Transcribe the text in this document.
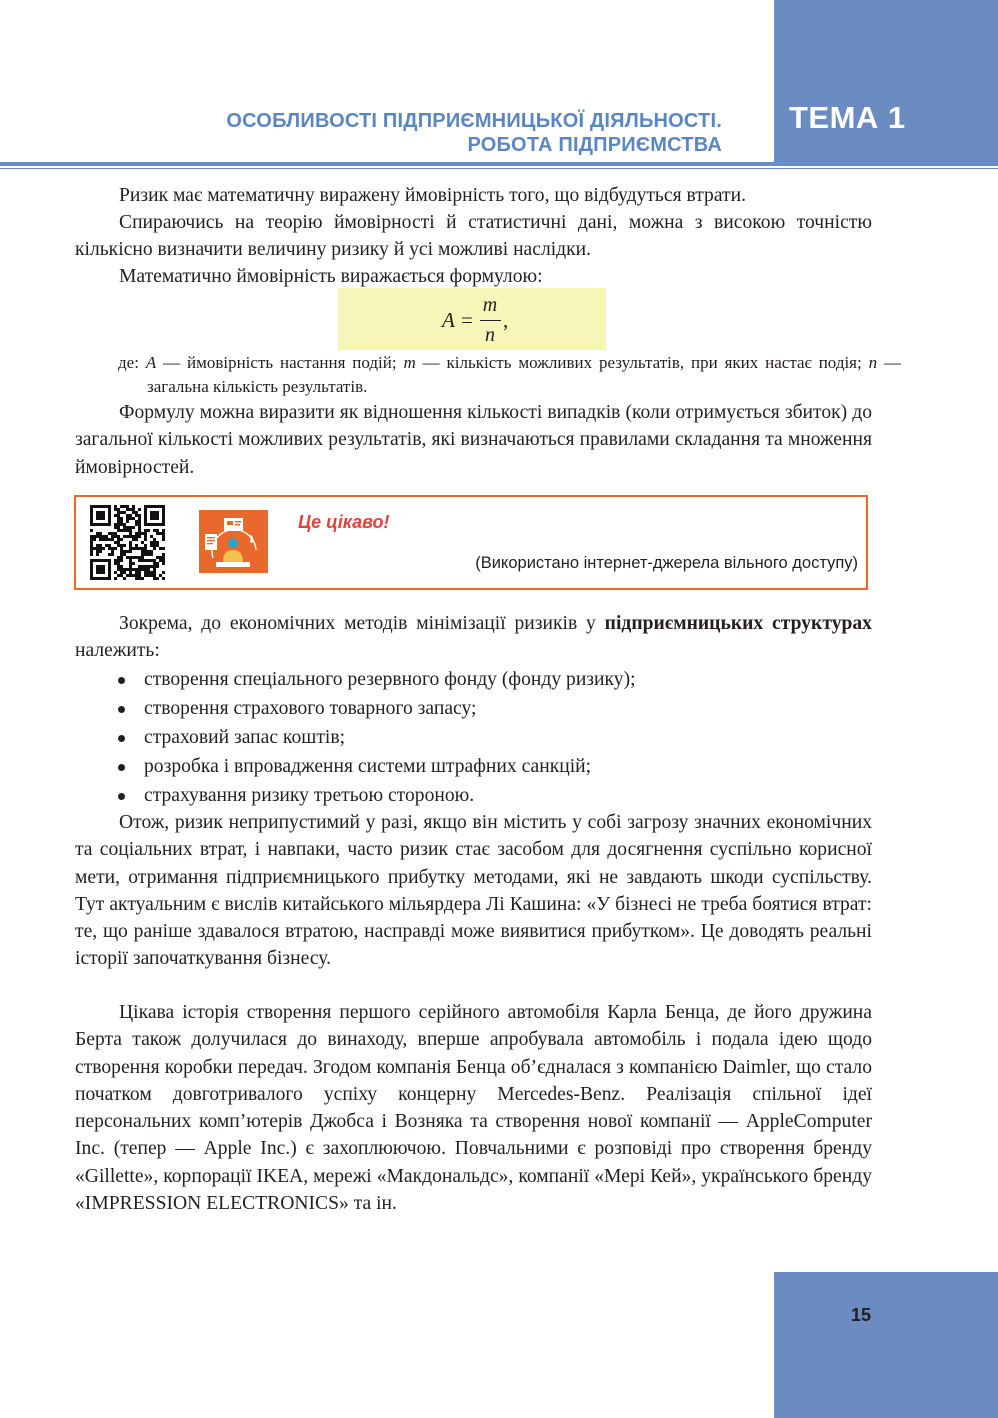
ТЕМА 1
ОСОБЛИВОСТІ ПІДПРИЄМНИЦЬКОЇ ДІЯЛЬНОСТІ.
РОБОТА ПІДПРИЄМСТВА

Ризик має математичну виражену ймовірність того, що відбудуться втрати.

Спираючись на теорію ймовірності й статистичні дані, можна з високою точністю кількісно визначити величину ризику й усі можливі наслідки.

Математично ймовірність виражається формулою:

A =
m
n
,

де: A — ймовірність настання подій; m — кількість можливих результатів, при яких настає подія; n — загальна кількість результатів.

Формулу можна виразити як відношення кількості випадків (коли отримується збиток) до загальної кількості можливих результатів, які визначаються правилами складання та множення ймовірностей.

Це цікаво!
(Використано інтернет-джерела вільного доступу)

Зокрема, до економічних методів мінімізації ризиків у підприємницьких структурах належить:

створення спеціального резервного фонду (фонду ризику);
створення страхового товарного запасу;
страховий запас коштів;
розробка і впровадження системи штрафних санкцій;
страхування ризику третьою стороною.

Отож, ризик неприпустимий у разі, якщо він містить у собі загрозу значних економічних та соціальних втрат, і навпаки, часто ризик стає засобом для досягнення суспільно корисної мети, отримання підприємницького прибутку методами, які не завдають шкоди суспільству. Тут актуальним є вислів китайського мільярдера Лі Кашина: «У бізнесі не треба боятися втрат: те, що раніше здавалося втратою, насправді може виявитися прибутком». Це доводять реальні історії започаткування бізнесу.

Цікава історія створення першого серійного автомобіля Карла Бенца, де його дружина Берта також долучилася до винаходу, вперше апробувала автомобіль і подала ідею щодо створення коробки передач. Згодом компанія Бенца об’єдналася з компанією Daimler, що стало початком довготривалого успіху концерну Mercedes-Benz. Реалізація спільної ідеї персональних комп’ютерів Джобса і Возняка та створення нової компанії — AppleComputer Inc. (тепер — Apple Inc.) є захоплюючою. Повчальними є розповіді про створення бренду «Gillette», корпорації IKEA, мережі «Макдональдс», компанії «Мері Кей», українського бренду «IMPRESSION ELECTRONICS» та ін.

15
